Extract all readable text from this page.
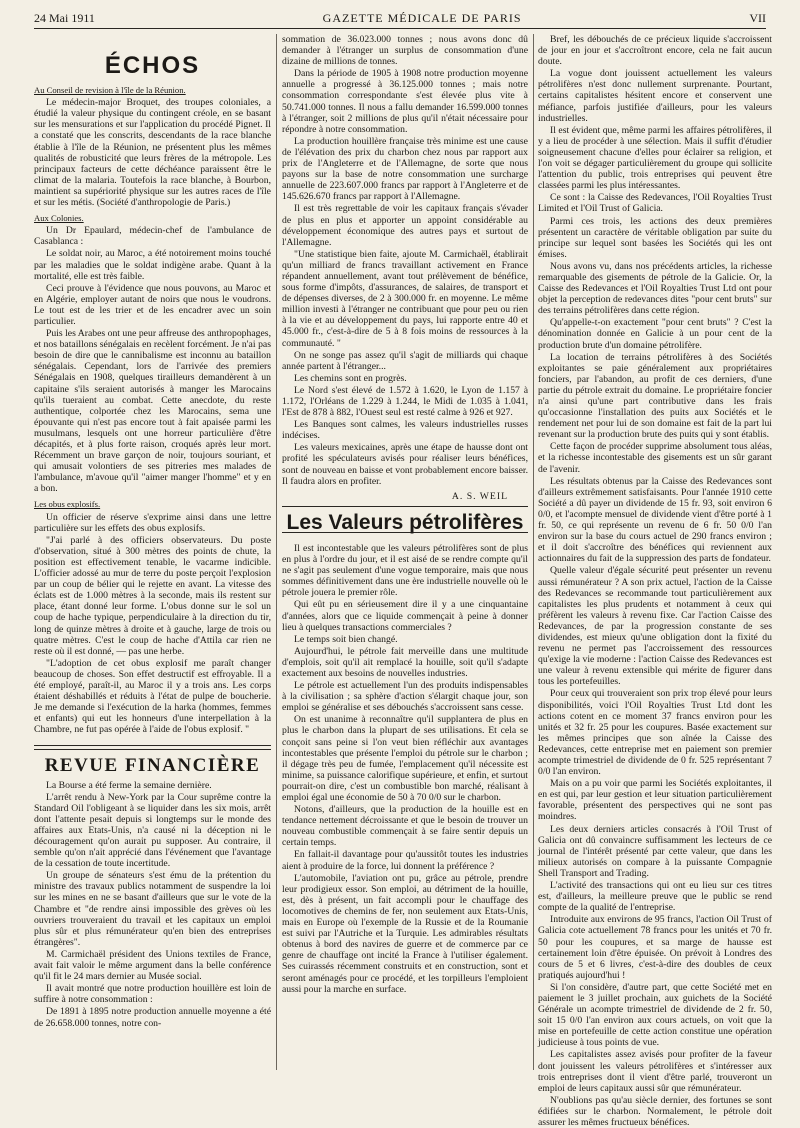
24 Mai 1911	GAZETTE MÉDICALE DE PARIS	VII
ÉCHOS

Au Conseil de revision à l'île de la Réunion.

Le médecin-major Broquet, des troupes coloniales, a étudié la valeur physique du contingent créole, en se basant sur les mensurations et sur l'application du procédé Pignet. Il a constaté que les conscrits, descendants de la race blanche établie à l'île de la Réunion, ne présentent plus les mêmes qualités de robusticité que leurs frères de la métropole. Les principaux facteurs de cette déchéance paraissent être le climat de la malaria. Toutefois la race blanche, à Bourbon, maintient sa supériorité physique sur les autres races de l'île et sur les métis. (Société d'anthropologie de Paris.)

Aux Colonies.

Un Dr Epaulard, médecin-chef de l'ambulance de Casablanca :

Le soldat noir, au Maroc, a été notoirement moins touché par les maladies que le soldat indigène arabe. Quant à la mortalité, elle est très faible.

Ceci prouve à l'évidence que nous pouvons, au Maroc et en Algérie, employer autant de noirs que nous le voudrons. Le tout est de les trier et de les encadrer avec un soin particulier.

Puis les Arabes ont une peur affreuse des anthropophages, et nos bataillons sénégalais en recèlent forcément. Je n'ai pas besoin de dire que le cannibalisme est inconnu au bataillon sénégalais. Cependant, lors de l'arrivée des premiers Sénégalais en 1908, quelques tirailleurs demandèrent à un capitaine s'ils seraient autorisés à manger les Marocains qu'ils tueraient au combat. Cette anecdote, du reste authentique, colportée chez les Marocains, sema une épouvante qui n'est pas encore tout à fait apaisée parmi les musulmans, lesquels ont une horreur particulière d'être décapités, et à plus forte raison, croqués après leur mort. Récemment un brave garçon de noir, toujours souriant, et qui amusait volontiers de ses pitreries mes malades de l'ambulance, m'avoue qu'il "aimer manger l'homme" et y en a bon.

Les obus explosifs.

Un officier de réserve s'exprime ainsi dans une lettre particulière sur les effets des obus explosifs.

"J'ai parlé à des officiers observateurs. Du poste d'observation, situé à 300 mètres des points de chute, la position est effectivement tenable, le vacarme indicible. L'officier adossé au mur de terre du poste perçoit l'explosion par un coup de bélier qui le rejette en avant. La vitesse des éclats est de 1.000 mètres à la seconde, mais ils restent sur place, étant donné leur forme. L'obus donne sur le sol un coup de hache typique, perpendiculaire à la direction du tir, long de quinze mètres à droite et à gauche, large de trois ou quatre mètres. C'est le coup de hache d'Attila car rien ne reste où il est donné, — pas une herbe.

"L'adoption de cet obus explosif me paraît changer beaucoup de choses. Son effet destructif est effroyable. Il a été employé, paraît-il, au Maroc il y a trois ans. Les corps étaient déshabillés et réduits à l'état de pulpe de boucherie. Je me demande si l'exécution de la harka (hommes, femmes et enfants) qui eut les honneurs d'une interpellation à la Chambre, ne fut pas opérée à l'aide de l'obus explosif. "

REVUE FINANCIÈRE

La Bourse a été ferme la semaine dernière.

L'arrêt rendu à New-York par la Cour suprême contre la Standard Oil l'obligeant à se liquider dans les six mois, arrêt dont l'attente pesait depuis si longtemps sur le monde des affaires aux Etats-Unis, n'a causé ni la déception ni le découragement qu'on aurait pu supposer. Au contraire, il semble qu'on n'ait apprécié dans l'événement que l'avantage de la cessation de toute incertitude.

Un groupe de sénateurs s'est ému de la prétention du ministre des travaux publics notamment de suspendre la loi sur les mines en ne se basant d'ailleurs que sur le vote de la Chambre et "de rendre ainsi impossible des grèves où les ouvriers trouveraient du travail et les capitaux un emploi plus sûr et plus rémunérateur qu'en bien des entreprises étrangères".

M. Carmichaël président des Unions textiles de France, avait fait valoir le même argument dans la belle conférence qu'il fit le 24 mars dernier au Musée social.

Il avait montré que notre production houillère est loin de suffire à notre consommation :

De 1891 à 1895 notre production annuelle moyenne a été de 26.658.000 tonnes, notre con-

sommation de 36.023.000 tonnes ; nous avons donc dû demander à l'étranger un surplus de consommation d'une dizaine de millions de tonnes.

Dans la période de 1905 à 1908 notre production moyenne annuelle a progressé à 36.125.000 tonnes ; mais notre consommation correspondante s'est élevée plus vite à 50.741.000 tonnes. Il nous a fallu demander 16.599.000 tonnes à l'étranger, soit 2 millions de plus qu'il n'était nécessaire pour répondre à notre consommation.

La production houillère française très minime est une cause de l'élévation des prix du charbon chez nous par rapport aux prix de l'Angleterre et de l'Allemagne, de sorte que nous payons sur la base de notre consommation une surcharge annuelle de 223.607.000 francs par rapport à l'Angleterre et de 145.626.670 francs par rapport à l'Allemagne.

Il est très regrettable de voir les capitaux français s'évader de plus en plus et apporter un appoint considérable au développement économique des autres pays et surtout de l'Allemagne.

"Une statistique bien faite, ajoute M. Carmichaël, établirait qu'un milliard de francs travaillant activement en France répandent annuellement, avant tout prélèvement de bénéfice, sous forme d'impôts, d'assurances, de salaires, de transport et de dépenses diverses, de 2 à 300.000 fr. en moyenne. Le même million investi à l'étranger ne contribuant que pour peu ou rien à la vie et au développement du pays, lui rapporte entre 40 et 45.000 fr., c'est-à-dire de 5 à 8 fois moins de ressources à la communauté. "

On ne songe pas assez qu'il s'agit de milliards qui chaque année partent à l'étranger...

Les chemins sont en progrès.

Le Nord s'est élevé de 1.572 à 1.620, le Lyon de 1.157 à 1.172, l'Orléans de 1.229 à 1.244, le Midi de 1.035 à 1.041, l'Est de 878 à 882, l'Ouest seul est resté calme à 926 et 927.

Les Banques sont calmes, les valeurs industrielles russes indécises.

Les valeurs mexicaines, après une étape de hausse dont ont profité les spéculateurs avisés pour réaliser leurs bénéfices, sont de nouveau en baisse et vont probablement encore baisser. Il faudra alors en profiter.

A. S. WEIL

Les Valeurs pétrolifères

Il est incontestable que les valeurs pétrolifères sont de plus en plus à l'ordre du jour, et il est aisé de se rendre compte qu'il ne s'agit pas seulement d'une vogue temporaire, mais que nous sommes définitivement dans une ère industrielle nouvelle où le pétrole jouera le premier rôle.

Qui eût pu en sérieusement dire il y a une cinquantaine d'années, alors que ce liquide commençait à peine à donner lieu à quelques transactions commerciales ?

Le temps soit bien changé.

Aujourd'hui, le pétrole fait merveille dans une multitude d'emplois, soit qu'il ait remplacé la houille, soit qu'il s'adapte exactement aux besoins de nouvelles industries.

Le pétrole est actuellement l'un des produits indispensables à la civilisation ; sa sphère d'action s'élargit chaque jour, son emploi se généralise et ses débouchés s'accroissent sans cesse.

On est unanime à reconnaître qu'il supplantera de plus en plus le charbon dans la plupart de ses utilisations. Et cela se conçoit sans peine si l'on veut bien réfléchir aux avantages incontestables que présente l'emploi du pétrole sur le charbon ; il dégage très peu de fumée, l'emplacement qu'il nécessite est minime, sa puissance calorifique supérieure, et enfin, et surtout pourrait-on dire, c'est un combustible bon marché, réalisant à emploi égal une économie de 50 à 70 0/0 sur le charbon.

Notons, d'ailleurs, que la production de la houille est en tendance nettement décroissante et que le besoin de trouver un nouveau combustible commençait à se faire sentir depuis un certain temps.

En fallait-il davantage pour qu'aussitôt toutes les industries aient à produire de la force, lui donnent la préférence ?

L'automobile, l'aviation ont pu, grâce au pétrole, prendre leur prodigieux essor. Son emploi, au détriment de la houille, est, dès à présent, un fait accompli pour le chauffage des locomotives de chemins de fer, non seulement aux Etats-Unis, mais en Europe où l'exemple de la Russie et de la Roumanie est suivi par l'Autriche et la Turquie. Les admirables résultats obtenus à bord des navires de guerre et de commerce par ce genre de chauffage ont incité la France à l'utiliser également. Ses cuirassés récemment construits et en construction, sont et seront aménagés pour ce procédé, et les torpilleurs l'emploient aussi pour la marche en surface.

Bref, les débouchés de ce précieux liquide s'accroissent de jour en jour et s'accroîtront encore, cela ne fait aucun doute.

La vogue dont jouissent actuellement les valeurs pétrolifères n'est donc nullement surprenante. Pourtant, certains capitalistes hésitent encore et conservent une méfiance, parfois justifiée d'ailleurs, pour les valeurs industrielles.

Il est évident que, même parmi les affaires pétrolifères, il y a lieu de procéder à une sélection. Mais il suffit d'étudier soigneusement chacune d'elles pour éclairer sa religion, et l'on voit se dégager particulièrement du groupe qui sollicite l'attention du public, trois entreprises qui peuvent être classées parmi les plus intéressantes.

Ce sont : la Caisse des Redevances, l'Oil Royalties Trust Limited et l'Oil Trust of Galicia.

Parmi ces trois, les actions des deux premières présentent un caractère de véritable obligation par suite du principe sur lequel sont basées les Sociétés qui les ont émises.

Nous avons vu, dans nos précédents articles, la richesse remarquable des gisements de pétrole de la Galicie. Or, la Caisse des Redevances et l'Oil Royalties Trust Ltd ont pour objet la perception de redevances dites "pour cent bruts" sur des terrains pétrolifères dans cette région.

Qu'appelle-t-on exactement "pour cent bruts" ? C'est la dénomination donnée en Galicie à un pour cent de la production brute d'un domaine pétrolifère.

La location de terrains pétrolifères à des Sociétés exploitantes se paie généralement aux propriétaires fonciers, par l'abandon, au profit de ces derniers, d'une partie du pétrole extrait du domaine. Le propriétaire foncier n'a ainsi qu'une part contributive dans les frais qu'occasionne l'installation des puits aux Sociétés et le rendement net pour lui de son domaine est fait de la part lui revenant sur la production brute des puits qui y sont établis.

Cette façon de procéder supprime absolument tous aléas, et la richesse incontestable des gisements est un sûr garant de l'avenir.

Les résultats obtenus par la Caisse des Redevances sont d'ailleurs extrêmement satisfaisants. Pour l'année 1910 cette Société a dû payer un dividende de 15 fr. 93, soit environ 6 0/0, et l'acompte mensuel de dividende vient d'être porté à 1 fr. 50, ce qui représente un revenu de 6 fr. 50 0/0 l'an environ sur la base du cours actuel de 290 francs environ ; et il doit s'accroître des bénéfices qui reviennent aux actionnaires du fait de la suppression des parts de fondateur.

Quelle valeur d'égale sécurité peut présenter un revenu aussi rémunérateur ? A son prix actuel, l'action de la Caisse des Redevances se recommande tout particulièrement aux capitalistes les plus prudents et notamment à ceux qui préfèrent les valeurs à revenu fixe. Car l'action Caisse des Redevances, de par la progression constante de ses dividendes, est mieux qu'une obligation dont la fixité du revenu ne permet pas l'accroissement des ressources qu'exige la vie moderne : l'action Caisse des Redevances est une valeur à revenu extensible qui mérite de figurer dans tous les portefeuilles.

Pour ceux qui trouveraient son prix trop élevé pour leurs disponibilités, voici l'Oil Royalties Trust Ltd dont les actions cotent en ce moment 37 francs environ pour les unités et 32 fr. 25 pour les coupures. Basée exactement sur les mêmes principes que son aînée la Caisse des Redevances, cette entreprise met en paiement son premier acompte trimestriel de dividende de 0 fr. 525 représentant 7 0/0 l'an environ.

Mais on a pu voir que parmi les Sociétés exploitantes, il en est qui, par leur gestion et leur situation particulièrement favorable, présentent des perspectives qui ne sont pas moindres.

Les deux derniers articles consacrés à l'Oil Trust of Galicia ont dû convaincre suffisamment les lecteurs de ce journal de l'intérêt présenté par cette valeur, que dans les milieux autorisés on compare à la puissante Compagnie Shell Transport and Trading.

L'activité des transactions qui ont eu lieu sur ces titres est, d'ailleurs, la meilleure preuve que le public se rend compte de la qualité de l'entreprise.

Introduite aux environs de 95 francs, l'action Oil Trust of Galicia cote actuellement 78 francs pour les unités et 70 fr. 50 pour les coupures, et sa marge de hausse est certainement loin d'être épuisée. On prévoit à Londres des cours de 5 et 6 livres, c'est-à-dire des doubles de ceux pratiqués aujourd'hui !

Si l'on considère, d'autre part, que cette Société met en paiement le 3 juillet prochain, aux guichets de la Société Générale un acompte trimestriel de dividende de 2 fr. 50, soit 15 0/0 l'an environ aux cours actuels, on voit que la mise en portefeuille de cette action constitue une opération judicieuse à tous points de vue.

Les capitalistes assez avisés pour profiter de la faveur dont jouissent les valeurs pétrolifères et s'intéresser aux trois entreprises dont il vient d'être parlé, trouveront un emploi de leurs capitaux aussi sûr que rémunérateur.

N'oublions pas qu'au siècle dernier, des fortunes se sont édifiées sur le charbon. Normalement, le pétrole doit assurer les mêmes fructueux bénéfices.
